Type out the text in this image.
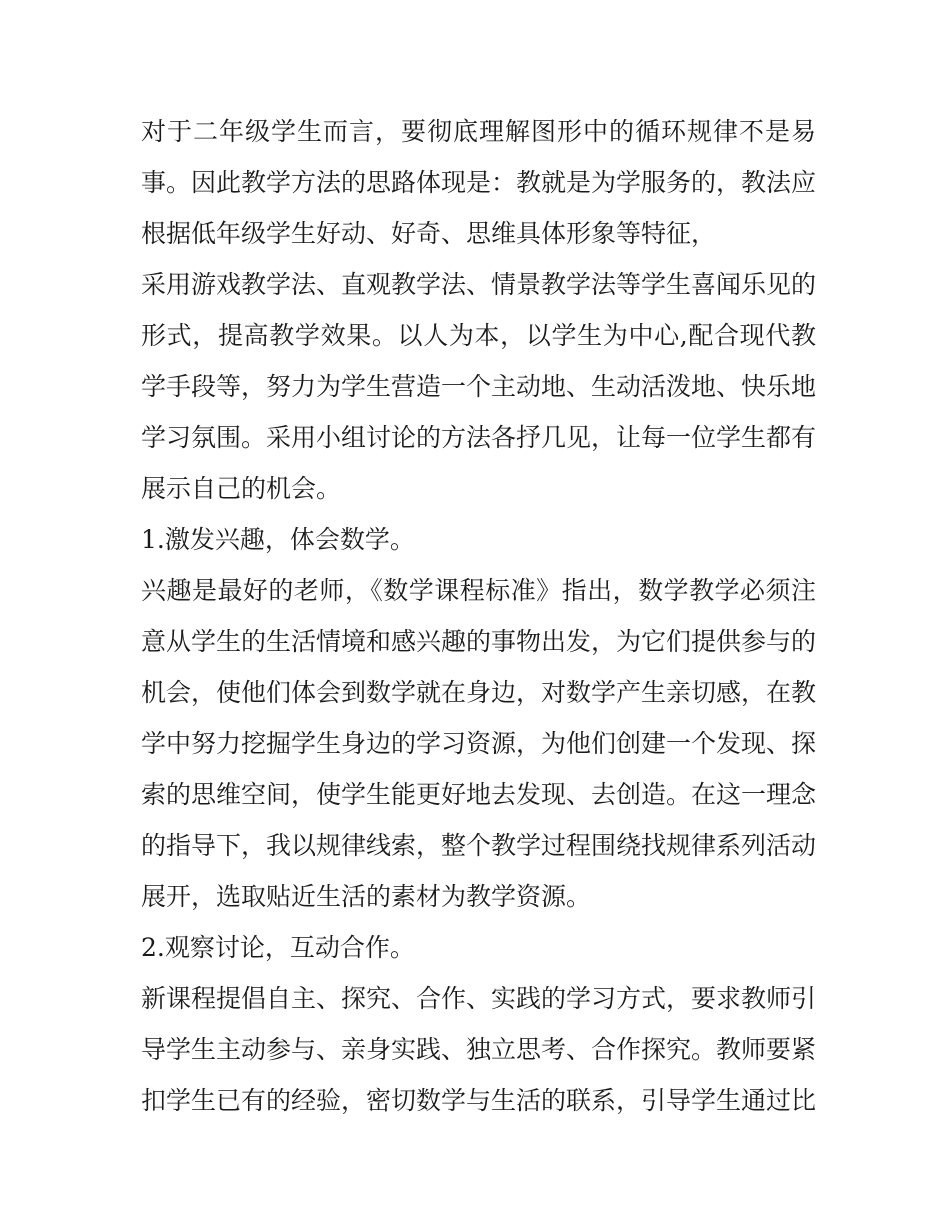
对于二年级学生而言，要彻底理解图形中的循环规律不是易
事。因此教学方法的思路体现是：教就是为学服务的，教法应
根据低年级学生好动、好奇、思维具体形象等特征，
采用游戏教学法、直观教学法、情景教学法等学生喜闻乐见的
形式，提高教学效果。以人为本，以学生为中心,配合现代教
学手段等，努力为学生营造一个主动地、生动活泼地、快乐地
学习氛围。采用小组讨论的方法各抒几见，让每一位学生都有
展示自己的机会。
1.激发兴趣，体会数学。
兴趣是最好的老师，《数学课程标准》指出，数学教学必须注
意从学生的生活情境和感兴趣的事物出发，为它们提供参与的
机会，使他们体会到数学就在身边，对数学产生亲切感，在教
学中努力挖掘学生身边的学习资源，为他们创建一个发现、探
索的思维空间，使学生能更好地去发现、去创造。在这一理念
的指导下，我以规律线索，整个教学过程围绕找规律系列活动
展开，选取贴近生活的素材为教学资源。
2.观察讨论，互动合作。
新课程提倡自主、探究、合作、实践的学习方式，要求教师引
导学生主动参与、亲身实践、独立思考、合作探究。教师要紧
扣学生已有的经验，密切数学与生活的联系，引导学生通过比
